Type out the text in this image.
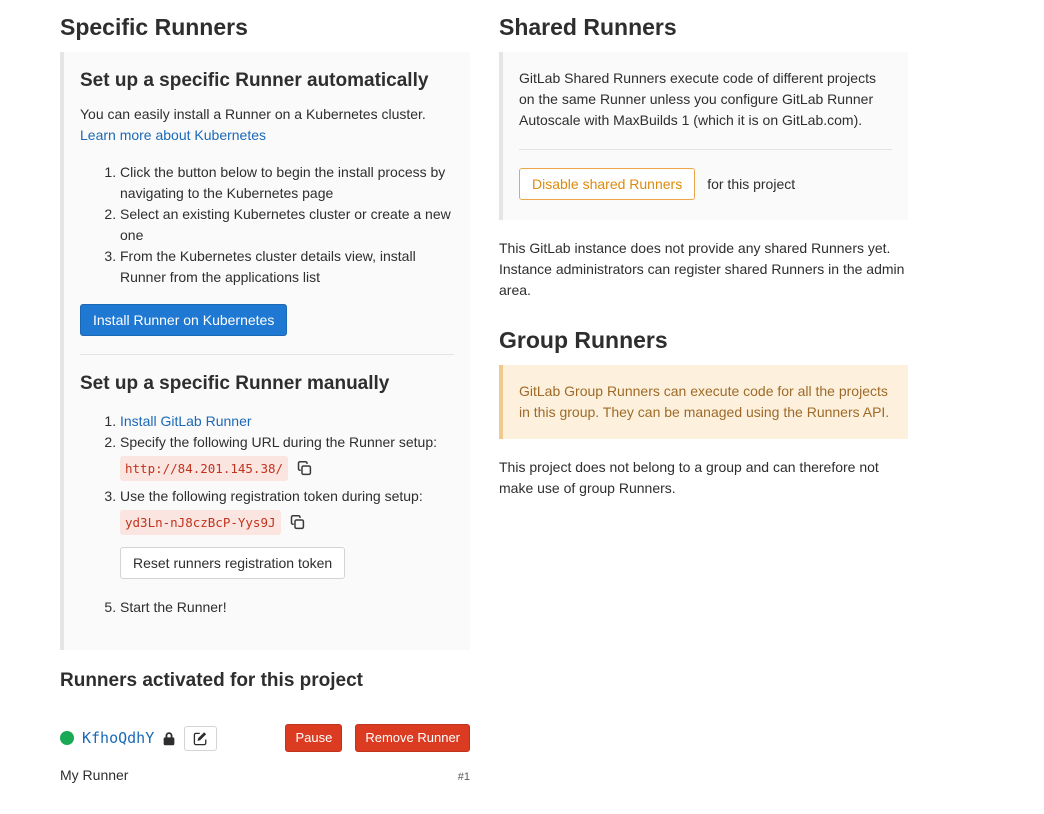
Specific Runners
Set up a specific Runner automatically

You can easily install a Runner on a Kubernetes cluster.
Learn more about Kubernetes

1. Click the button below to begin the install process by navigating to the Kubernetes page
2. Select an existing Kubernetes cluster or create a new one
3. From the Kubernetes cluster details view, install Runner from the applications list
Install Runner on Kubernetes
Set up a specific Runner manually
1. Install GitLab Runner
2. Specify the following URL during the Runner setup:
http://84.201.145.38/
3. Use the following registration token during setup:
yd3Ln-nJ8czBcP-Yys9J
Reset runners registration token
5. Start the Runner!
Runners activated for this project
KfhoQdhY	Pause	Remove Runner
My Runner	#1
Shared Runners

GitLab Shared Runners execute code of different projects on the same Runner unless you configure GitLab Runner Autoscale with MaxBuilds 1 (which it is on GitLab.com).

Disable shared Runners	for this project

This GitLab instance does not provide any shared Runners yet. Instance administrators can register shared Runners in the admin area.

Group Runners
GitLab Group Runners can execute code for all the projects in this group. They can be managed using the Runners API.

This project does not belong to a group and can therefore not make use of group Runners.
